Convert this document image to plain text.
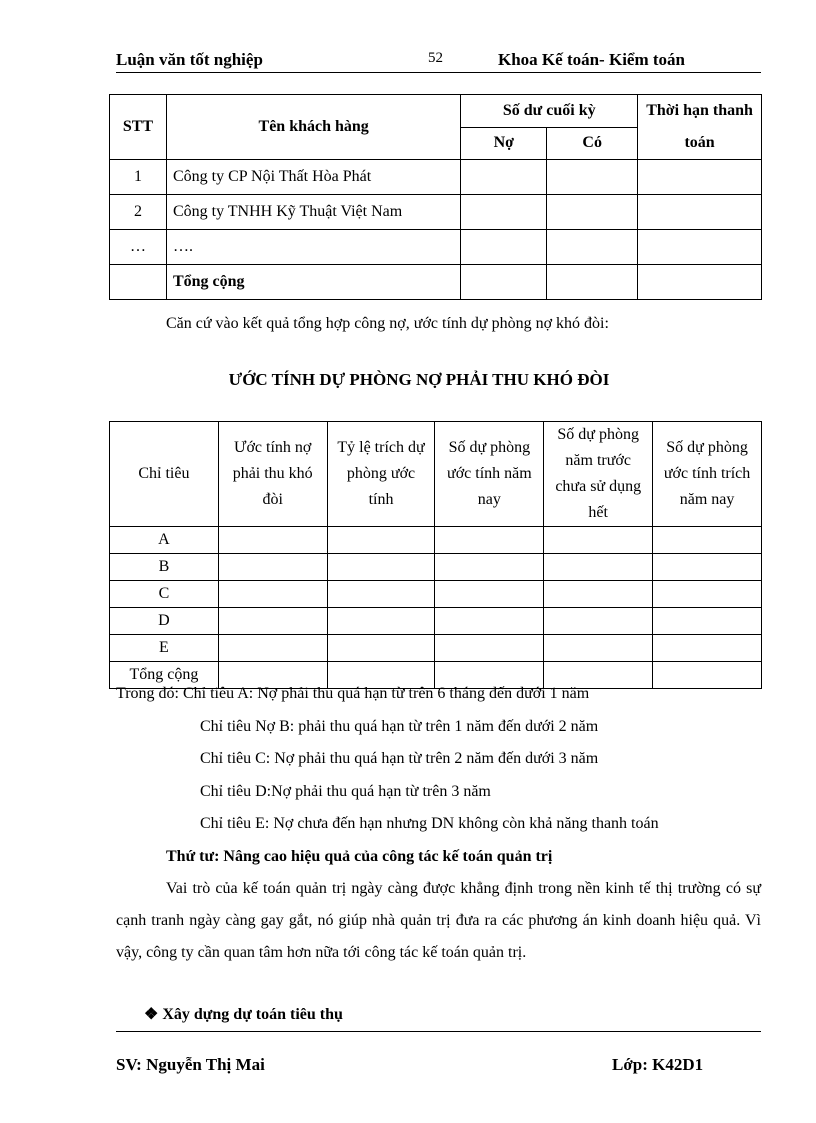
Luận văn tốt nghiệp	52	Khoa Kế toán- Kiểm toán
STT	Tên khách hàng	Số dư cuối kỳ		Thời hạn thanh toán
		Nợ	Có	
1	Công ty CP Nội Thất Hòa Phát			
2	Công ty TNHH Kỹ Thuật Việt Nam			
…	….			
	Tổng cộng			
Căn cứ vào kết quả tổng hợp công nợ, ước tính dự phòng nợ khó đòi:
ƯỚC TÍNH DỰ PHÒNG NỢ PHẢI THU KHÓ ĐÒI
Chỉ tiêu	Ước tính nợ phải thu khó đòi	Tỷ lệ trích dự phòng ước tính	Số dự phòng ước tính năm nay	Số dự phòng năm trước chưa sử dụng hết	Số dự phòng ước tính trích năm nay
A					
B					
C					
D					
E					
Tổng cộng					
Trong đó: Chỉ tiêu A: Nợ phải thu quá hạn từ trên 6 tháng đến dưới 1 năm
Chỉ tiêu Nợ B: phải thu quá hạn từ trên 1 năm đến dưới 2 năm
Chỉ tiêu C: Nợ phải thu quá hạn từ trên 2 năm đến dưới 3 năm
Chỉ tiêu D:Nợ phải thu quá hạn từ trên 3 năm
Chỉ tiêu E: Nợ chưa đến hạn nhưng DN không còn khả năng thanh toán
Thứ tư: Nâng cao hiệu quả của công tác kế toán quản trị
Vai trò của kế toán quản trị ngày càng được khẳng định trong nền kinh tế thị trường có sự cạnh tranh ngày càng gay gắt, nó giúp nhà quản trị đưa ra các phương án kinh doanh hiệu quả. Vì vậy, công ty cần quan tâm hơn nữa tới công tác kế toán quản trị.
❖ Xây dựng dự toán tiêu thụ
SV: Nguyễn Thị Mai	Lớp: K42D1
